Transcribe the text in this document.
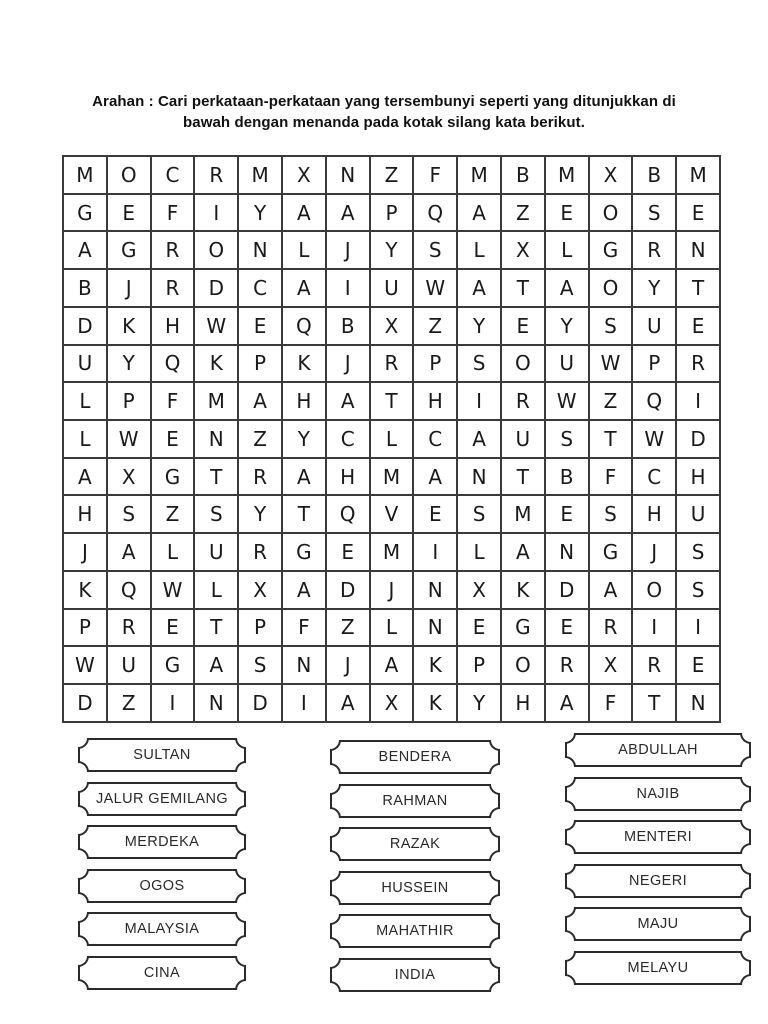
Arahan : Cari perkataan-perkataan yang tersembunyi seperti yang ditunjukkan di
bawah dengan menanda pada kotak silang kata berikut.
M	O	C	R	M	X	N	Z	F	M	B	M	X	B	M
G	E	F	I	Y	A	A	P	Q	A	Z	E	O	S	E
A	G	R	O	N	L	J	Y	S	L	X	L	G	R	N
B	J	R	D	C	A	I	U	W	A	T	A	O	Y	T
D	K	H	W	E	Q	B	X	Z	Y	E	Y	S	U	E
U	Y	Q	K	P	K	J	R	P	S	O	U	W	P	R
L	P	F	M	A	H	A	T	H	I	R	W	Z	Q	I
L	W	E	N	Z	Y	C	L	C	A	U	S	T	W	D
A	X	G	T	R	A	H	M	A	N	T	B	F	C	H
H	S	Z	S	Y	T	Q	V	E	S	M	E	S	H	U
J	A	L	U	R	G	E	M	I	L	A	N	G	J	S
K	Q	W	L	X	A	D	J	N	X	K	D	A	O	S
P	R	E	T	P	F	Z	L	N	E	G	E	R	I	I
W	U	G	A	S	N	J	A	K	P	O	R	X	R	E
D	Z	I	N	D	I	A	X	K	Y	H	A	F	T	N
SULTAN
JALUR GEMILANG
MERDEKA
OGOS
MALAYSIA
CINA
BENDERA
RAHMAN
RAZAK
HUSSEIN
MAHATHIR
INDIA
ABDULLAH
NAJIB
MENTERI
NEGERI
MAJU
MELAYU
